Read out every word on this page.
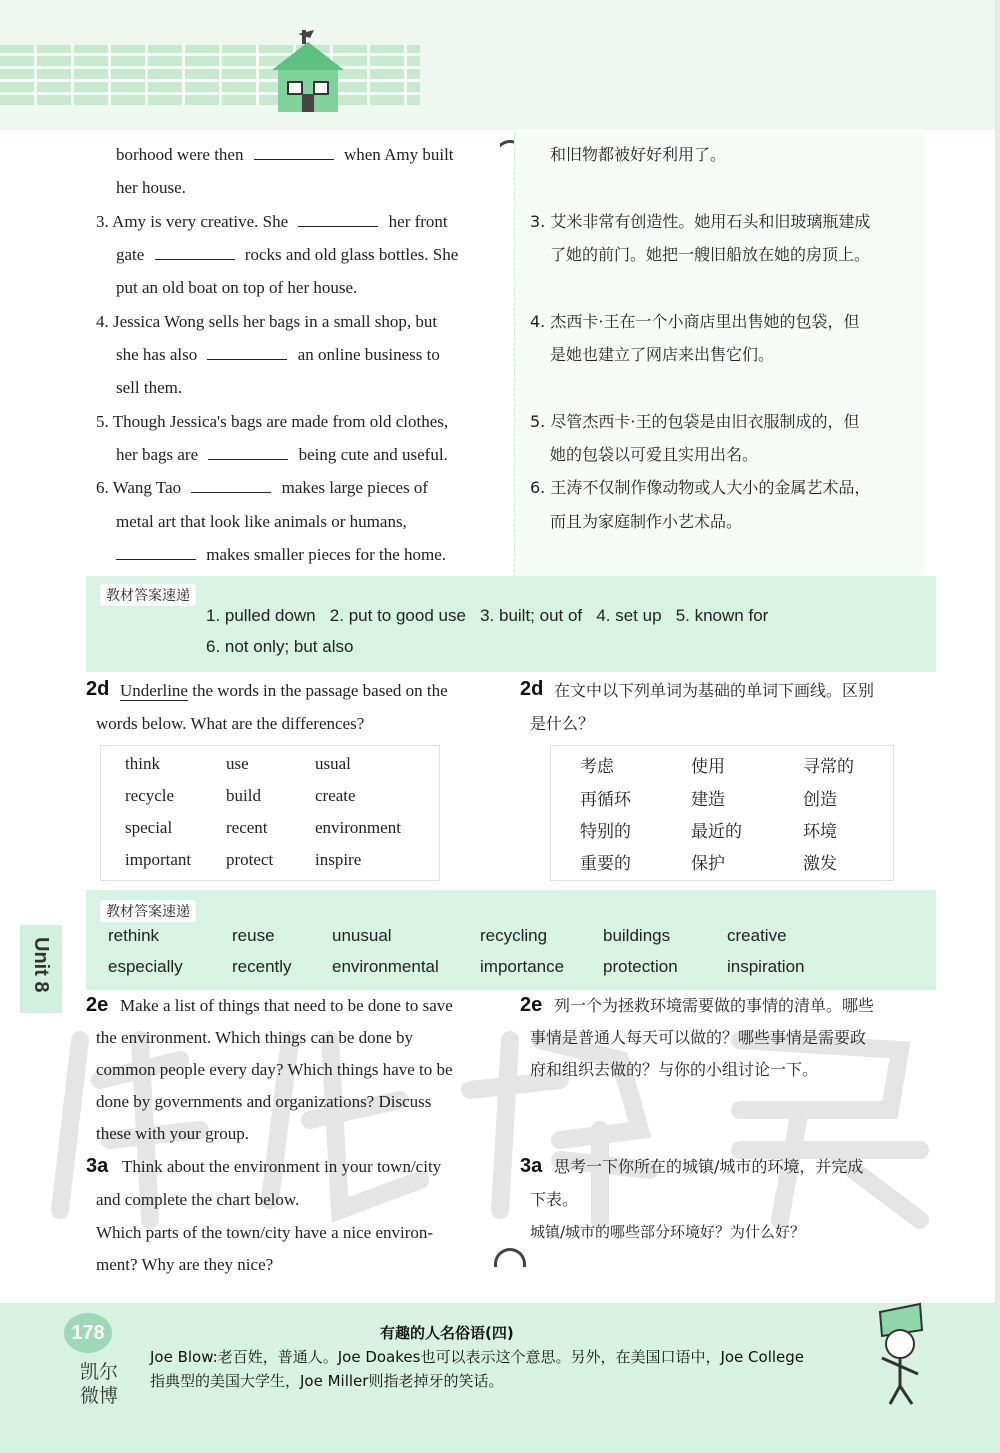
borhood were then	when Amy built
her house.
3. Amy is very creative. She	her front
gate	rocks and old glass bottles. She
put an old boat on top of her house.
4. Jessica Wong sells her bags in a small shop, but
she has also	an online business to
sell them.
5. Though Jessica's bags are made from old clothes,
her bags are	being cute and useful.
6. Wang Tao	makes large pieces of
metal art that look like animals or humans,
makes smaller pieces for the home.
和旧物都被好好利用了。
3. 艾米非常有创造性。她用石头和旧玻璃瓶建成
了她的前门。她把一艘旧船放在她的房顶上。
4. 杰西卡·王在一个小商店里出售她的包袋，但
是她也建立了网店来出售它们。
5. 尽管杰西卡·王的包袋是由旧衣服制成的，但
她的包袋以可爱且实用出名。
6. 王涛不仅制作像动物或人大小的金属艺术品，
而且为家庭制作小艺术品。
教材答案速递
1. pulled down   2. put to good use   3. built; out of   4. set up   5. known for
6. not only; but also
2d Underline the words in the passage based on the
words below. What are the differences?
2d 在文中以下列单词为基础的单词下画线。区别
是什么？
think	use	usual
recycle	build	create
special	recent	environment
important protect inspire
考虑	使用	寻常的
再循环	建造	创造
特别的	最近的	环境
重要的	保护	激发
教材答案速递
rethink	reuse	unusual	recycling	buildings	creative
especially	recently environmental importance protection	inspiration
Unit 8
2e Make a list of things that need to be done to save
the environment. Which things can be done by
common people every day? Which things have to be
done by governments and organizations? Discuss
these with your group.
2e 列一个为拯救环境需要做的事情的清单。哪些
事情是普通人每天可以做的？哪些事情是需要政
府和组织去做的？与你的小组讨论一下。
3a Think about the environment in your town/city
and complete the chart below.
Which parts of the town/city have a nice environ-
ment? Why are they nice?
3a 思考一下你所在的城镇/城市的环境，并完成
下表。
城镇/城市的哪些部分环境好？为什么好？
178
凯尔微博
有趣的人名俗语(四)
Joe Blow:老百姓，普通人。Joe Doakes也可以表示这个意思。另外，在美国口语中，Joe College
指典型的美国大学生，Joe Miller则指老掉牙的笑话。
